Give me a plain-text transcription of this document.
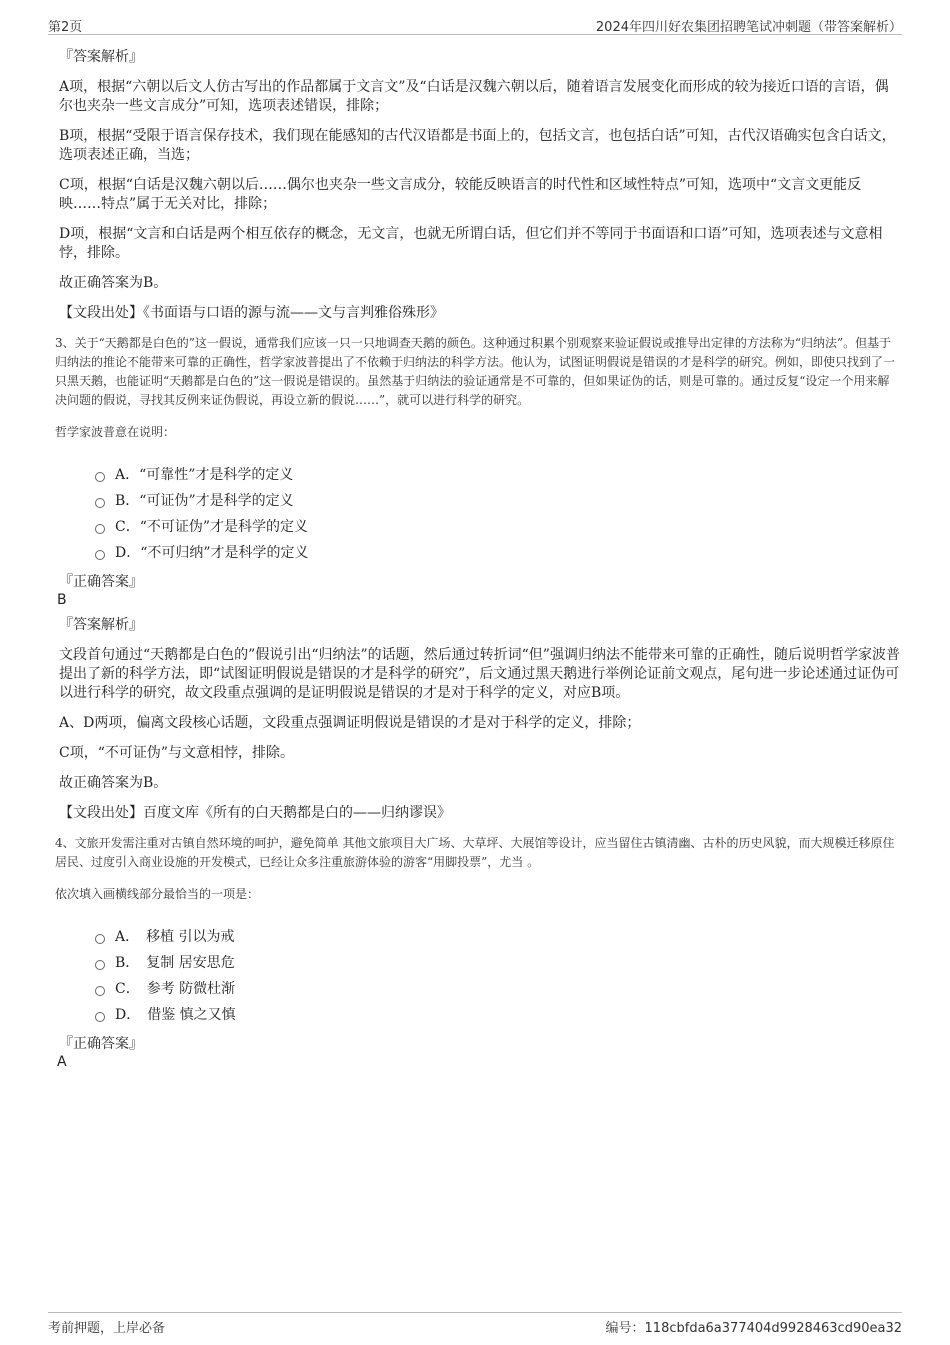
第2页	2024年四川好农集团招聘笔试冲刺题（带答案解析）
『答案解析』

A项，根据“六朝以后文人仿古写出的作品都属于文言文”及“白话是汉魏六朝以后，随着语言发展变化而形成的较为接近口语的言语，偶尔也夹杂一些文言成分”可知，选项表述错误，排除；

B项，根据“受限于语言保存技术，我们现在能感知的古代汉语都是书面上的，包括文言，也包括白话”可知，古代汉语确实包含白话文，选项表述正确，当选；

C项，根据“白话是汉魏六朝以后……偶尔也夹杂一些文言成分，较能反映语言的时代性和区域性特点”可知，选项中“文言文更能反映……特点”属于无关对比，排除；

D项，根据“文言和白话是两个相互依存的概念，无文言，也就无所谓白话，但它们并不等同于书面语和口语”可知，选项表述与文意相悖，排除。

故正确答案为B。

【文段出处】《书面语与口语的源与流——文与言判雅俗殊形》

3、关于“天鹅都是白色的”这一假说，通常我们应该一只一只地调查天鹅的颜色。这种通过积累个别观察来验证假说或推导出定律的方法称为“归纳法”。但基于归纳法的推论不能带来可靠的正确性，哲学家波普提出了不依赖于归纳法的科学方法。他认为，试图证明假说是错误的才是科学的研究。例如，即使只找到了一只黑天鹅，也能证明“天鹅都是白色的”这一假说是错误的。虽然基于归纳法的验证通常是不可靠的，但如果证伪的话，则是可靠的。通过反复“设定一个用来解决问题的假说，寻找其反例来证伪假说，再设立新的假说……”，就可以进行科学的研究。

哲学家波普意在说明：

A．“可靠性”才是科学的定义
B．“可证伪”才是科学的定义
C．“不可证伪”才是科学的定义
D．“不可归纳”才是科学的定义
『正确答案』
B
『答案解析』

文段首句通过“天鹅都是白色的”假说引出“归纳法”的话题，然后通过转折词“但”强调归纳法不能带来可靠的正确性，随后说明哲学家波普提出了新的科学方法，即“试图证明假说是错误的才是科学的研究”，后文通过黑天鹅进行举例论证前文观点，尾句进一步论述通过证伪可以进行科学的研究，故文段重点强调的是证明假说是错误的才是对于科学的定义，对应B项。

A、D两项，偏离文段核心话题，文段重点强调证明假说是错误的才是对于科学的定义，排除；

C项，“不可证伪”与文意相悖，排除。

故正确答案为B。

【文段出处】百度文库《所有的白天鹅都是白的——归纳谬误》

4、文旅开发需注重对古镇自然环境的呵护，避免简单 其他文旅项目大广场、大草坪、大展馆等设计，应当留住古镇清幽、古朴的历史风貌，而大规模迁移原住居民、过度引入商业设施的开发模式，已经让众多注重旅游体验的游客“用脚投票”，尤当 。

依次填入画横线部分最恰当的一项是：

A．　移植 引以为戒
B．　复制 居安思危
C．　参考 防微杜渐
D．　借鉴 慎之又慎
『正确答案』
A
考前押题，上岸必备	编号：118cbfda6a377404d9928463cd90ea32
